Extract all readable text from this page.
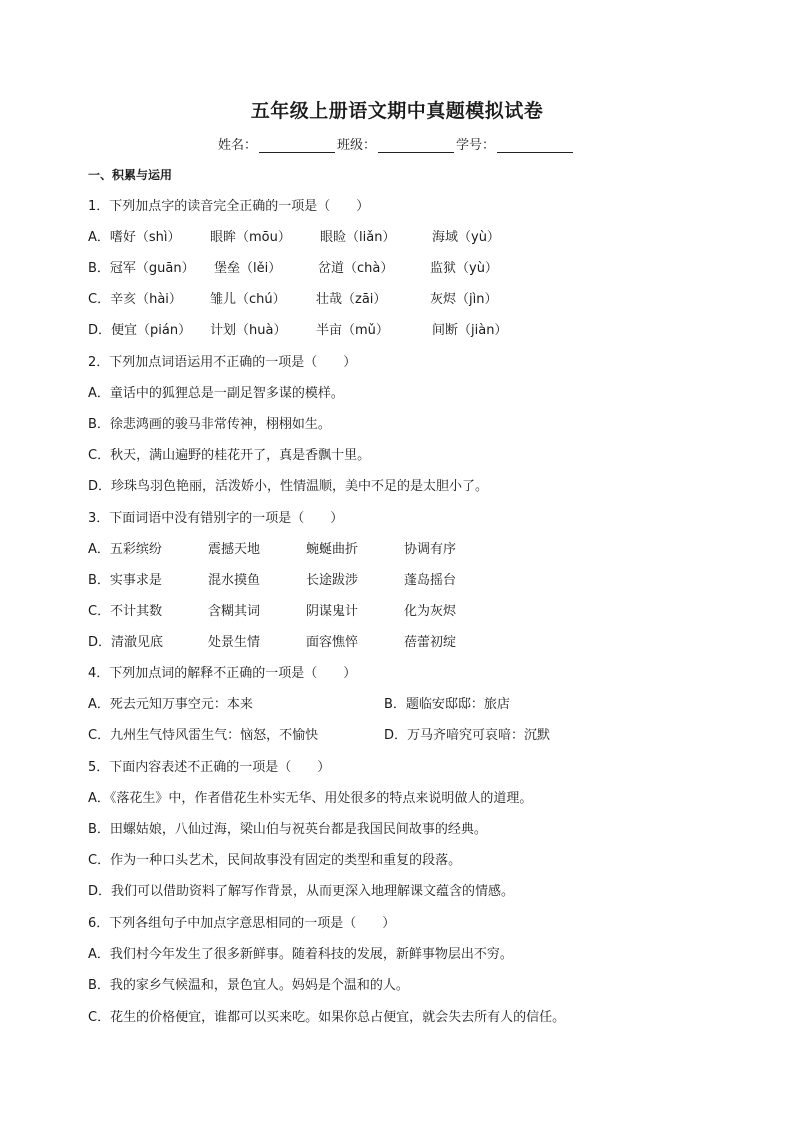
五年级上册语文期中真题模拟试卷
姓名：	班级：	学号：
一、积累与运用
1．下列加点字的读音完全正确的一项是（　　）
A．嗜好（shì） 眼眸（mōu） 眼睑（liǎn）	海域（yù）
B．冠军（guān） 堡垒（lěi）	岔道（chà）	监狱（yù）
C．辛亥（hài） 雏儿（chú） 壮哉（zāi）	灰烬（jìn）
D．便宜（pián） 计划（huà） 半亩（mǔ）	间断（jiàn）
2．下列加点词语运用不正确的一项是（　　）
A．童话中的狐狸总是一副足智多谋的模样。
B．徐悲鸿画的骏马非常传神，栩栩如生。
C．秋天，满山遍野的桂花开了，真是香飘十里。
D．珍珠鸟羽色艳丽，活泼娇小，性情温顺，美中不足的是太胆小了。
3．下面词语中没有错别字的一项是（　　）
A．五彩缤纷	震撼天地	蜿蜒曲折	协调有序
B．实事求是	混水摸鱼	长途跋涉	蓬岛摇台
C．不计其数	含糊其词	阴谋鬼计	化为灰烬
D．清澈见底	处景生情	面容憔悴	蓓蕾初绽
4．下列加点词的解释不正确的一项是（　　）
A．死去元知万事空元：本来	B．题临安邸邸：旅店
C．九州生气恃风雷生气：恼怒，不愉快	D．万马齐喑究可哀喑：沉默
5．下面内容表述不正确的一项是（　　）
A．《落花生》中，作者借花生朴实无华、用处很多的特点来说明做人的道理。
B．田螺姑娘，八仙过海，梁山伯与祝英台都是我国民间故事的经典。
C．作为一种口头艺术，民间故事没有固定的类型和重复的段落。
D．我们可以借助资料了解写作背景，从而更深入地理解课文蕴含的情感。
6．下列各组句子中加点字意思相同的一项是（　　）
A．我们村今年发生了很多新鲜事。随着科技的发展，新鲜事物层出不穷。
B．我的家乡气候温和，景色宜人。妈妈是个温和的人。
C．花生的价格便宜，谁都可以买来吃。如果你总占便宜，就会失去所有人的信任。
